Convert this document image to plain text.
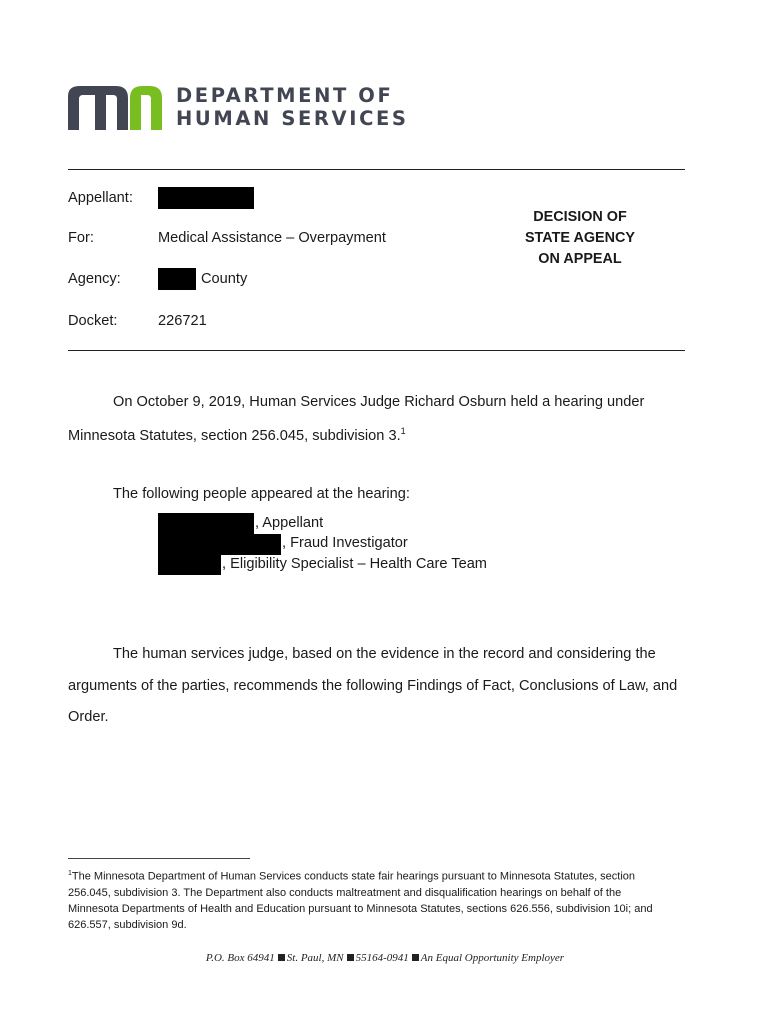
DEPARTMENT OF
HUMAN SERVICES
Appellant:
For:	Medical Assistance – Overpayment
Agency:	County
Docket:	226721
DECISION OF
STATE AGENCY
ON APPEAL
On October 9, 2019, Human Services Judge Richard Osburn held a hearing under
Minnesota Statutes, section 256.045, subdivision 3.$^1$
The following people appeared at the hearing:
, Appellant
, Fraud Investigator
, Eligibility Specialist – Health Care Team
The human services judge, based on the evidence in the record and considering the
arguments of the parties, recommends the following Findings of Fact, Conclusions of Law, and
Order.
$^1$The Minnesota Department of Human Services conducts state fair hearings pursuant to Minnesota Statutes, section
256.045, subdivision 3. The Department also conducts maltreatment and disqualification hearings on behalf of the
Minnesota Departments of Health and Education pursuant to Minnesota Statutes, sections 626.556, subdivision 10i; and
626.557, subdivision 9d.
P.O. Box 64941 St. Paul, MN 55164-0941 An Equal Opportunity Employer
